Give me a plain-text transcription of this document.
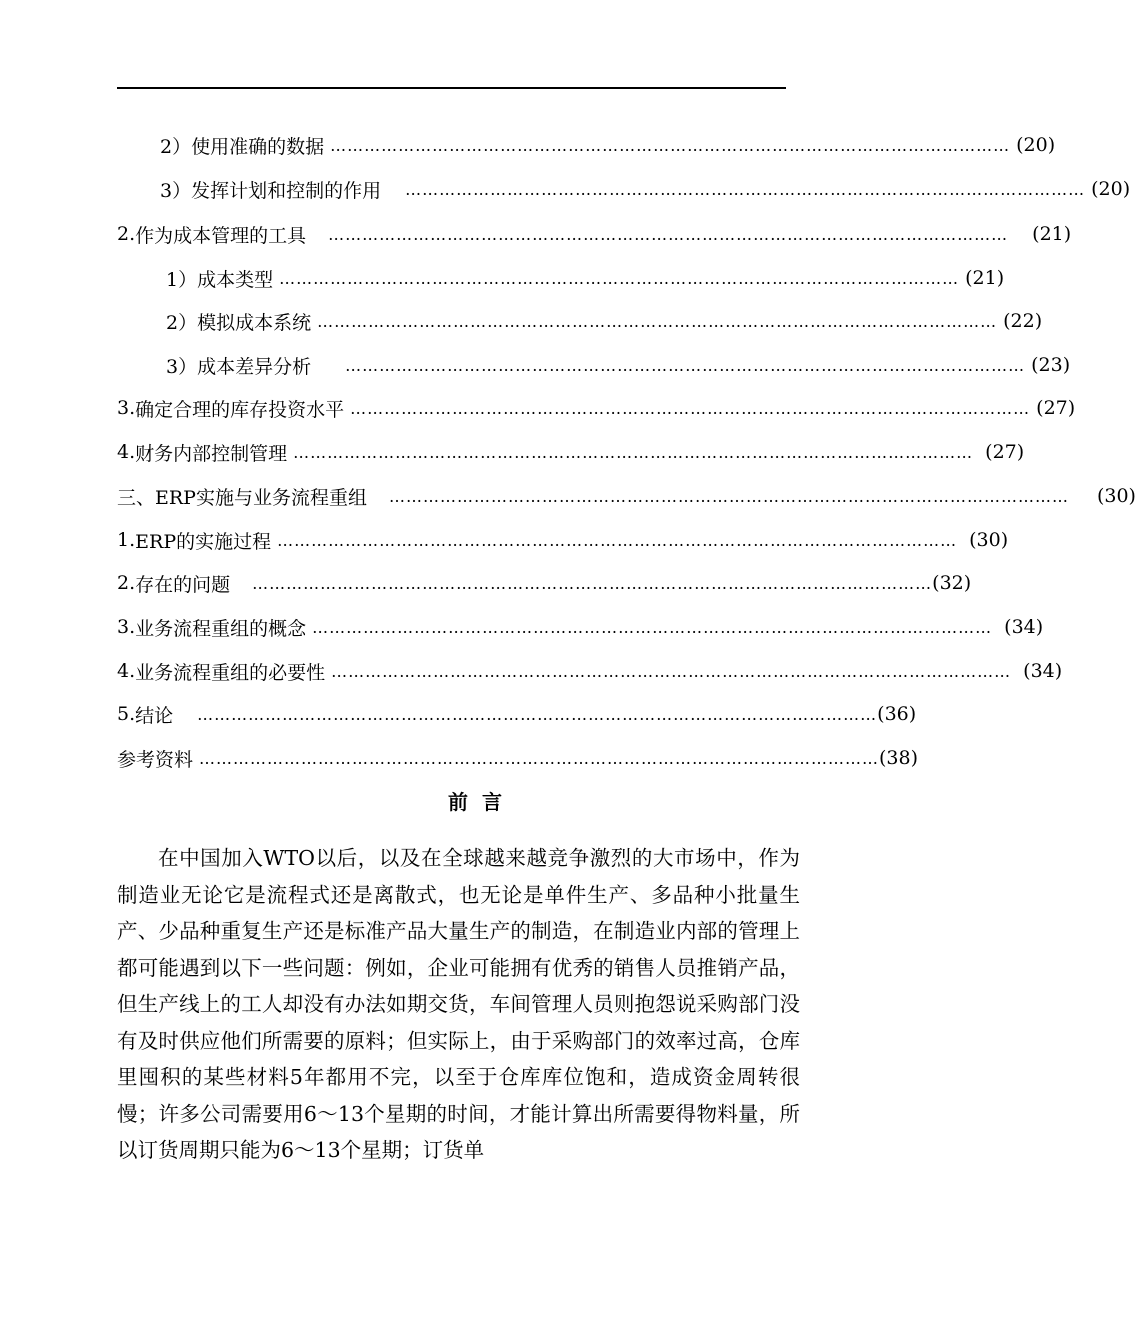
2） 使用准确的数据 ………………………………………………………………………………………………………… (20)
3） 发挥计划和控制的作用 ………………………………………………………………………………………………………… (20)
2. 作为成本管理的工具 ………………………………………………………………………………………………………… (21)
1） 成本类型 ………………………………………………………………………………………………………… (21)
2） 模拟成本系统 ………………………………………………………………………………………………………… (22)
3） 成本差异分析 ………………………………………………………………………………………………………… (23)
3. 确定合理的库存投资水平 ………………………………………………………………………………………………………… (27)
4. 财务内部控制管理 ………………………………………………………………………………………………………… (27)
三、ERP实施与业务流程重组 ………………………………………………………………………………………………………… (30)
1. ERP的实施过程 ………………………………………………………………………………………………………… (30)
2. 存在的问题 ………………………………………………………………………………………………………… (32)
3. 业务流程重组的概念 ………………………………………………………………………………………………………… (34)
4. 业务流程重组的必要性 ………………………………………………………………………………………………………… (34)
5. 结论 ………………………………………………………………………………………………………… (36)
参考资料 ………………………………………………………………………………………………………… (38)
前言
在中国加入WTO以后，以及在全球越来越竞争激烈的大市场中，作为制造业无论它是流程式还是离散式，也无论是单件生产、多品种小批量生产、少品种重复生产还是标准产品大量生产的制造，在制造业内部的管理上都可能遇到以下一些问题：例如，企业可能拥有优秀的销售人员推销产品，但生产线上的工人却没有办法如期交货，车间管理人员则抱怨说采购部门没有及时供应他们所需要的原料；但实际上，由于采购部门的效率过高，仓库里囤积的某些材料5年都用不完，以至于仓库库位饱和，造成资金周转很慢；许多公司需要用6～13个星期的时间，才能计算出所需要得物料量，所以订货周期只能为6～13个星期；订货单
